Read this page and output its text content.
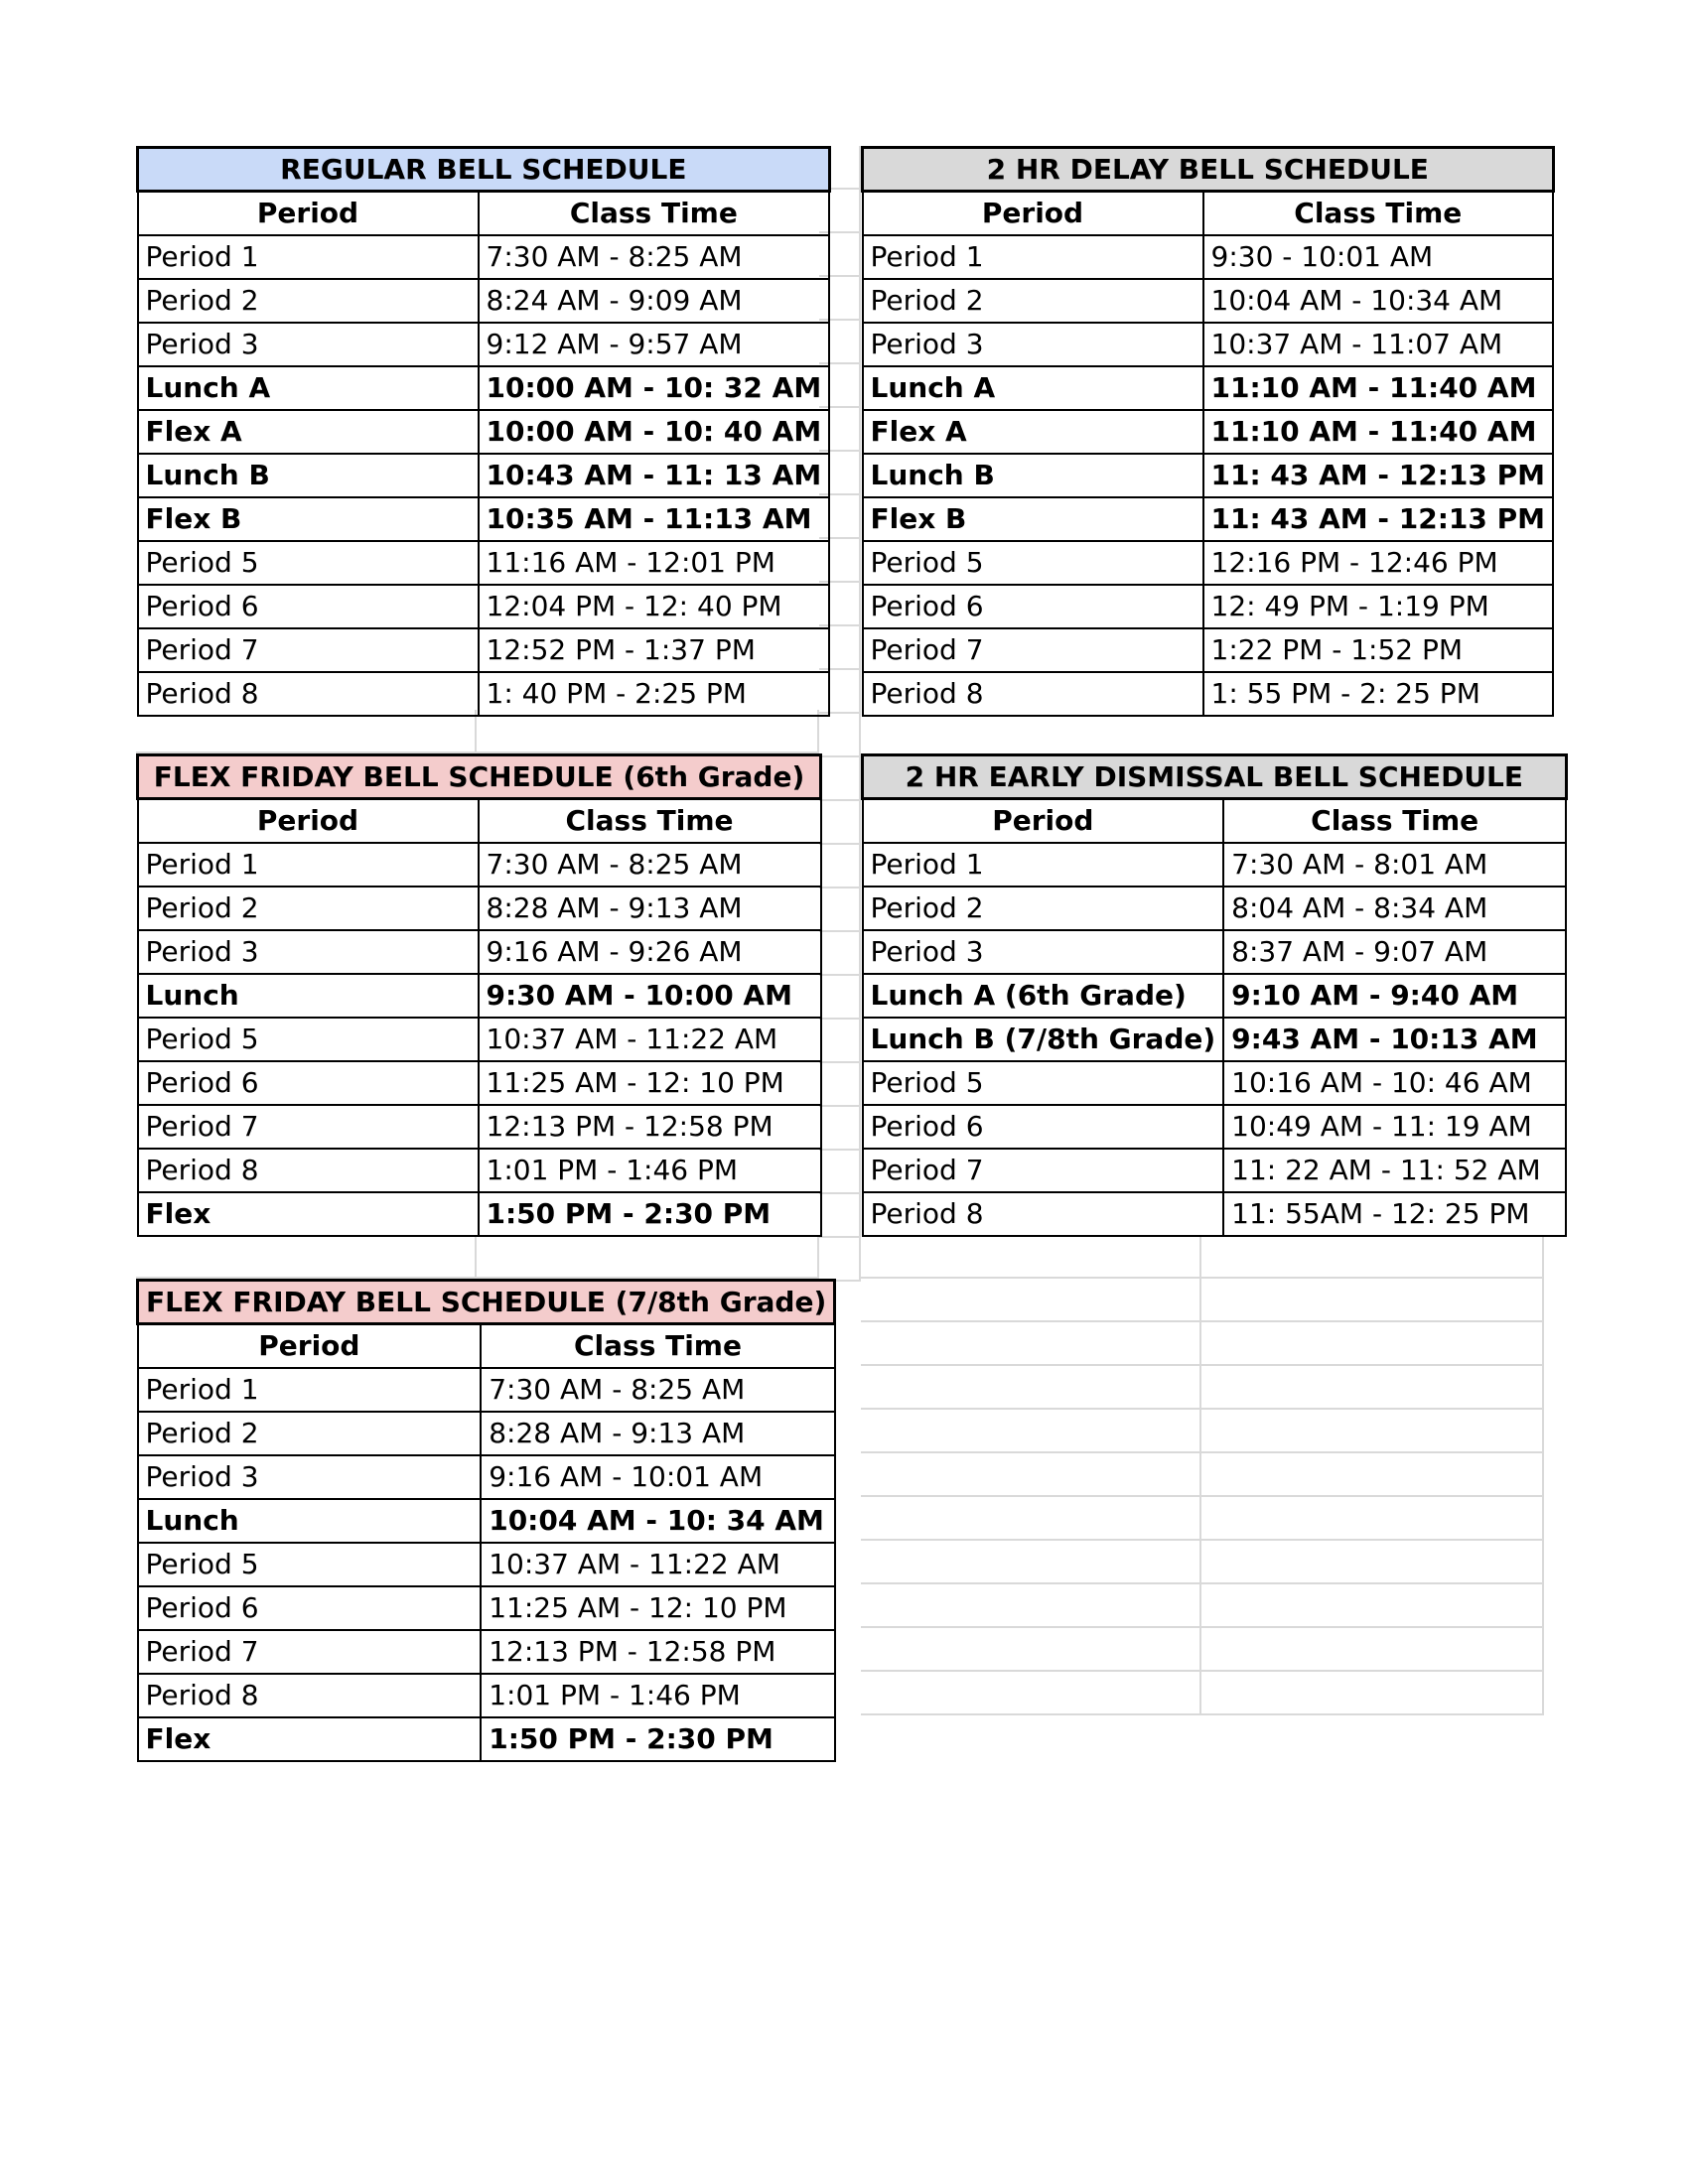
REGULAR BELL SCHEDULE	
Period	Class Time
Period 1	7:30 AM - 8:25 AM
Period 2	8:24 AM - 9:09 AM
Period 3	9:12 AM - 9:57 AM
Lunch A	10:00 AM - 10: 32 AM
Flex A	10:00 AM - 10: 40 AM
Lunch B	10:43 AM - 11: 13 AM
Flex B	10:35 AM - 11:13 AM
Period 5	11:16 AM - 12:01 PM
Period 6	12:04 PM - 12: 40 PM
Period 7	12:52 PM - 1:37 PM
Period 8	1: 40 PM - 2:25 PM
2 HR DELAY BELL SCHEDULE	
Period	Class Time
Period 1	9:30 - 10:01 AM
Period 2	10:04 AM - 10:34 AM
Period 3	10:37 AM - 11:07 AM
Lunch A	11:10 AM - 11:40 AM
Flex A	11:10 AM - 11:40 AM
Lunch B	11: 43 AM - 12:13 PM
Flex B	11: 43 AM - 12:13 PM
Period 5	12:16 PM - 12:46 PM
Period 6	12: 49 PM - 1:19 PM
Period 7	1:22 PM - 1:52 PM
Period 8	1: 55 PM - 2: 25 PM
FLEX FRIDAY BELL SCHEDULE (6th Grade)	
Period	Class Time
Period 1	7:30 AM - 8:25 AM
Period 2	8:28 AM - 9:13 AM
Period 3	9:16 AM - 9:26 AM
Lunch	9:30 AM - 10:00 AM
Period 5	10:37 AM - 11:22 AM
Period 6	11:25 AM - 12: 10 PM
Period 7	12:13 PM - 12:58 PM
Period 8	1:01 PM - 1:46 PM
Flex	1:50 PM - 2:30 PM
2 HR EARLY DISMISSAL BELL SCHEDULE	
Period	Class Time
Period 1	7:30 AM - 8:01 AM
Period 2	8:04 AM - 8:34 AM
Period 3	8:37 AM - 9:07 AM
Lunch A (6th Grade)	9:10 AM - 9:40 AM
Lunch B (7/8th Grade)	9:43 AM - 10:13 AM
Period 5	10:16 AM - 10: 46 AM
Period 6	10:49 AM - 11: 19 AM
Period 7	11: 22 AM - 11: 52 AM
Period 8	11: 55AM - 12: 25 PM
FLEX FRIDAY BELL SCHEDULE (7/8th Grade)	
Period	Class Time
Period 1	7:30 AM - 8:25 AM
Period 2	8:28 AM - 9:13 AM
Period 3	9:16 AM - 10:01 AM
Lunch	10:04 AM - 10: 34 AM
Period 5	10:37 AM - 11:22 AM
Period 6	11:25 AM - 12: 10 PM
Period 7	12:13 PM - 12:58 PM
Period 8	1:01 PM - 1:46 PM
Flex	1:50 PM - 2:30 PM
